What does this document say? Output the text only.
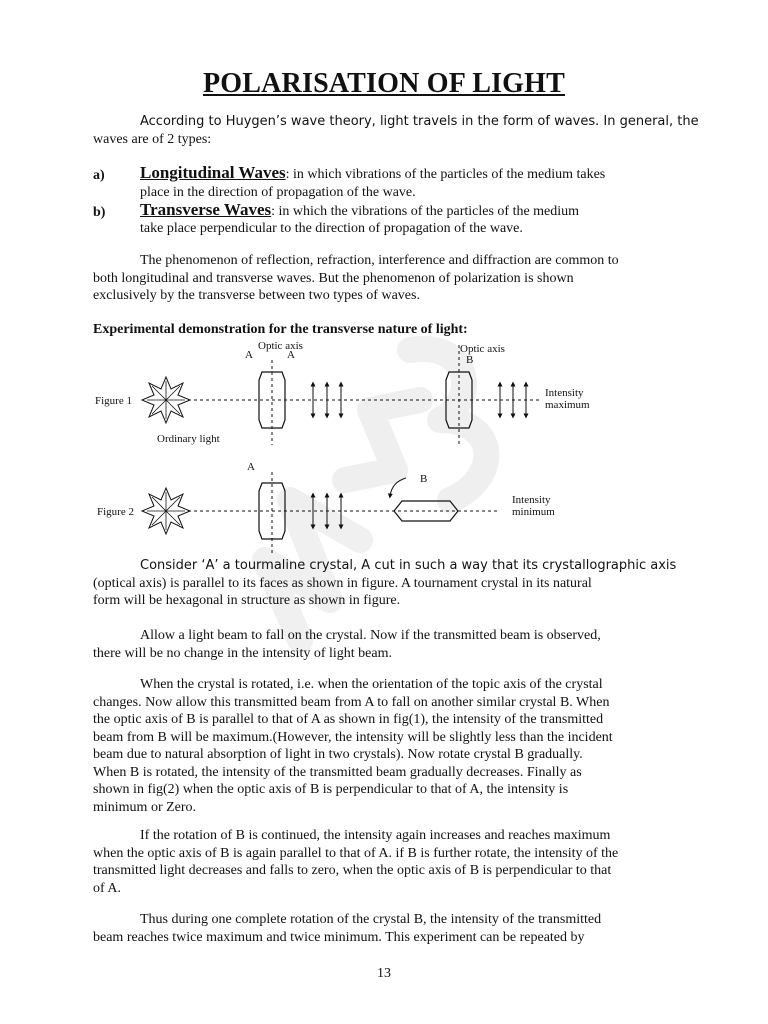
POLARISATION OF LIGHT
According to Huygen’s wave theory, light travels in the form of waves. In general, the
waves are of 2 types:
a) Longitudinal Waves: in which vibrations of the particles of the medium takes
place in the direction of propagation of the wave.
b) Transverse Waves: in which the vibrations of the particles of the medium
take place perpendicular to the direction of propagation of the wave.
The phenomenon of reflection, refraction, interference and diffraction are common to
both longitudinal and transverse waves. But the phenomenon of polarization is shown
exclusively by the transverse between two types of waves.
Experimental demonstration for the transverse nature of light:
Figure 1
Ordinary light
Optic axis
A	A	Optic axis
B
Intensity
maximum
Figure 2
A
B
Intensity
minimum
Consider ‘A’ a tourmaline crystal, A cut in such a way that its crystallographic axis
(optical axis) is parallel to its faces as shown in figure. A tournament crystal in its natural
form will be hexagonal in structure as shown in figure.
Allow a light beam to fall on the crystal. Now if the transmitted beam is observed,
there will be no change in the intensity of light beam.
When the crystal is rotated, i.e. when the orientation of the topic axis of the crystal
changes. Now allow this transmitted beam from A to fall on another similar crystal B. When
the optic axis of B is parallel to that of A as shown in fig(1), the intensity of the transmitted
beam from B will be maximum.(However, the intensity will be slightly less than the incident
beam due to natural absorption of light in two crystals). Now rotate crystal B gradually.
When B is rotated, the intensity of the transmitted beam gradually decreases. Finally as
shown in fig(2) when the optic axis of B is perpendicular to that of A, the intensity is
minimum or Zero.
If the rotation of B is continued, the intensity again increases and reaches maximum
when the optic axis of B is again parallel to that of A. if B is further rotate, the intensity of the
transmitted light decreases and falls to zero, when the optic axis of B is perpendicular to that
of A.
Thus during one complete rotation of the crystal B, the intensity of the transmitted
beam reaches twice maximum and twice minimum. This experiment can be repeated by
13
